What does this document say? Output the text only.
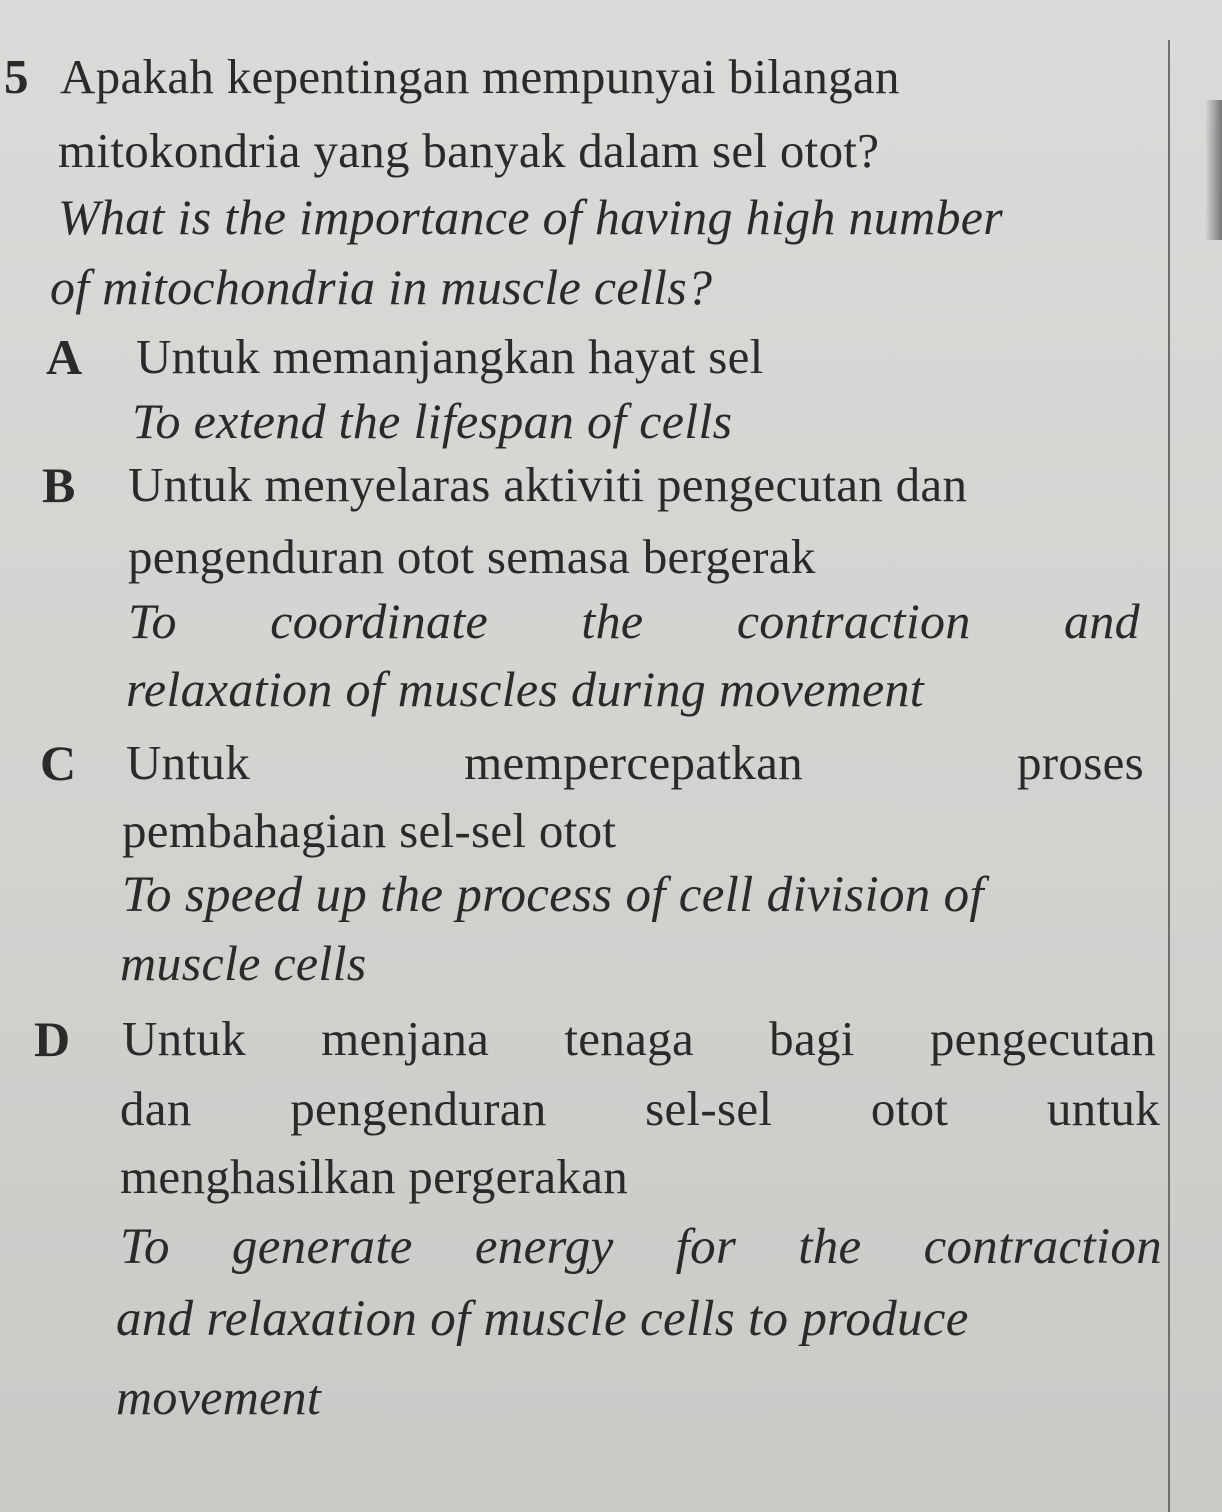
5 Apakah kepentingan mempunyai bilangan
mitokondria yang banyak dalam sel otot?
What is the importance of having high number
of mitochondria in muscle cells?
A Untuk memanjangkan hayat sel
To extend the lifespan of cells
B Untuk menyelaras aktiviti pengecutan dan
pengenduran otot semasa bergerak
To coordinate the contraction and
relaxation of muscles during movement
C Untuk	mempercepatkan	proses
pembahagian sel-sel otot
To speed up the process of cell division of
muscle cells
D Untuk menjana tenaga bagi pengecutan
dan pengenduran sel-sel otot untuk
menghasilkan pergerakan
To generate energy for the contraction
and relaxation of muscle cells to produce
movement
